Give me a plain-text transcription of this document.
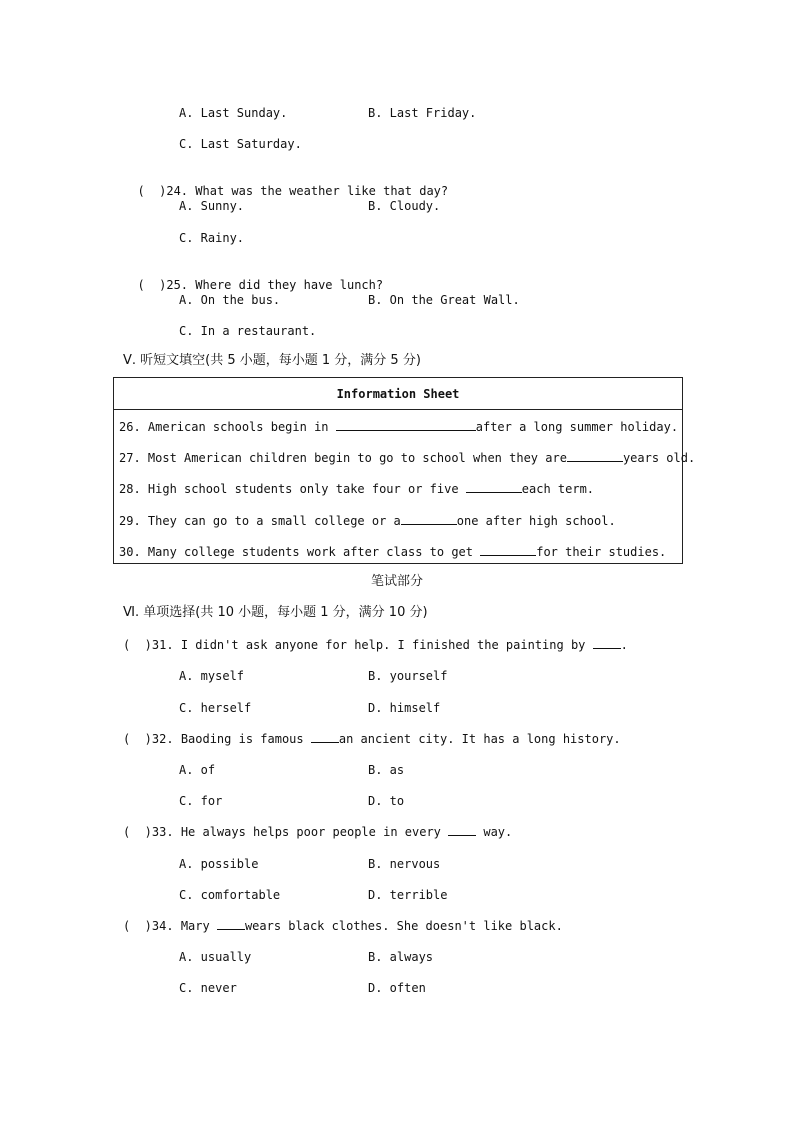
A. Last Sunday.	B. Last Friday.
C. Last Saturday.

(  )24. What was the weather like that day?

A. Sunny.	B. Cloudy.
C. Rainy.

(  )25. Where did they have lunch?

A. On the bus.	B. On the Great Wall.
C. In a restaurant.
Ⅴ. 听短文填空(共 5 小题，每小题 1 分，满分 5 分)
Information Sheet
26. American schools begin in	after a long summer holiday.
27. Most American children begin to go to school when they are	years old.
28. High school students only take four or five	each term.
29. They can go to a small college or a	one after high school.
30. Many college students work after class to get	for their studies.
笔试部分
Ⅵ. 单项选择(共 10 小题，每小题 1 分，满分 10 分)
(  )31. I didn't ask anyone for help. I finished the painting by .
A. myself	B. yourself
C. herself	D. himself
(  )32. Baoding is famous an ancient city. It has a long history.
A. of	B. as
C. for	D. to
(  )33. He always helps poor people in every  way.
A. possible	B. nervous
C. comfortable	D. terrible
(  )34. Mary wears black clothes. She doesn't like black.
A. usually	B. always
C. never	D. often
